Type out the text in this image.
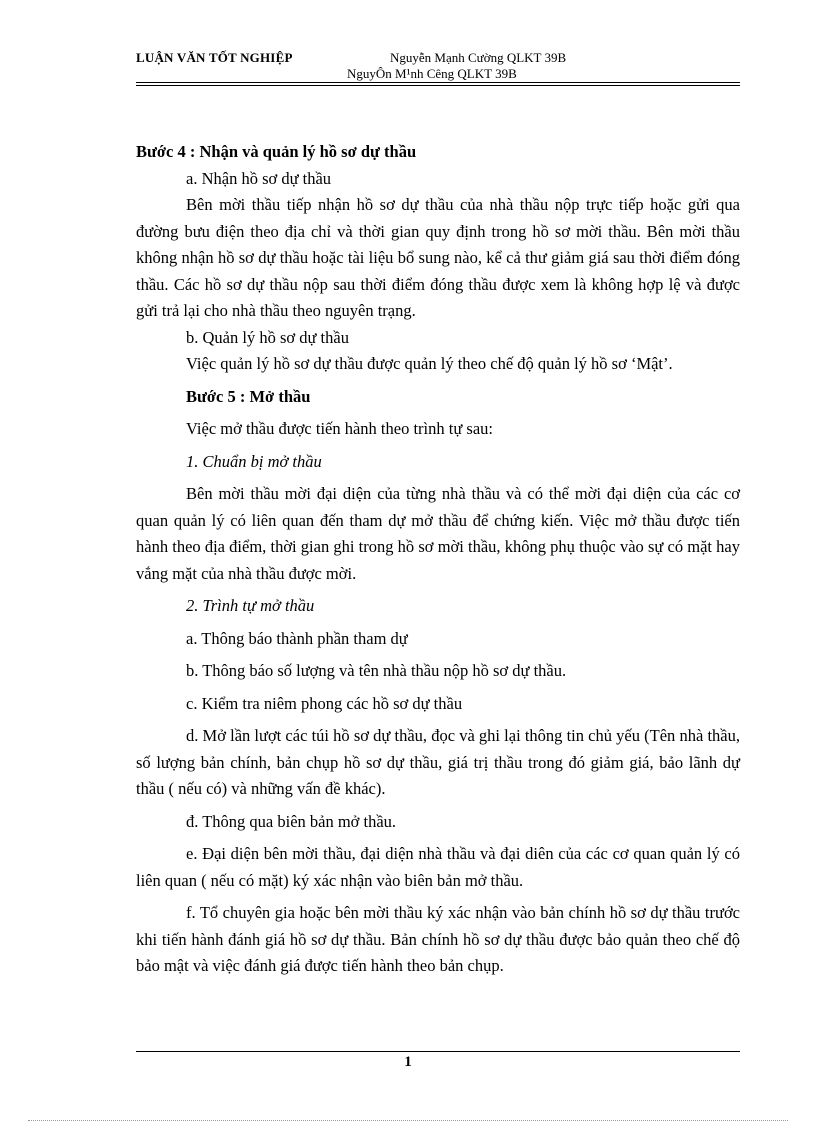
LUẬN VĂN TỐT NGHIỆP	Nguyễn Mạnh Cường QLKT 39B
NguyÔn M¹nh Cêng QLKT 39B

Bước 4 : Nhận và quản lý hồ sơ dự thầu

a. Nhận hồ sơ dự thầu

Bên mời thầu tiếp nhận hồ sơ dự thầu của nhà thầu nộp trực tiếp hoặc gửi qua đường bưu điện theo địa chỉ và thời gian quy định trong hồ sơ mời thầu. Bên mời thầu không nhận hồ sơ dự thầu hoặc tài liệu bổ sung nào, kể cả thư giảm giá sau thời điểm đóng thầu. Các hồ sơ dự thầu nộp sau thời điểm đóng thầu được xem là không hợp lệ và được gửi trả lại cho nhà thầu theo nguyên trạng.

b. Quản lý hồ sơ dự thầu

Việc quản lý hồ sơ dự thầu được quản lý theo chế độ quản lý hồ sơ ‘Mật’.

Bước 5 : Mở thầu

Việc mở thầu được tiến hành theo trình tự sau:

1. Chuẩn bị mở thầu

Bên mời thầu mời đại diện của từng nhà thầu và có thể mời đại diện của các cơ quan quản lý có liên quan đến tham dự mở thầu để chứng kiến. Việc mở thầu được tiến hành theo địa điểm, thời gian ghi trong hồ sơ mời thầu, không phụ thuộc vào sự có mặt hay vắng mặt của nhà thầu được mời.

2. Trình tự mở thầu

a. Thông báo thành phần tham dự

b. Thông báo số lượng và tên nhà thầu nộp hồ sơ dự thầu.

c. Kiểm tra niêm phong các hồ sơ dự thầu

d. Mở lần lượt các túi hồ sơ dự thầu, đọc và ghi lại thông tin chủ yếu (Tên nhà thầu, số lượng bản chính, bản chụp hồ sơ dự thầu, giá trị thầu trong đó giảm giá, bảo lãnh dự thầu ( nếu có) và những vấn đề khác).

đ. Thông qua biên bản mở thầu.

e. Đại diện bên mời thầu, đại diện nhà thầu và đại diên của các cơ quan quản lý có liên quan ( nếu có mặt) ký xác nhận vào biên bản mở thầu.

f. Tổ chuyên gia hoặc bên mời thầu ký xác nhận vào bản chính hồ sơ dự thầu trước khi tiến hành đánh giá hồ sơ dự thầu. Bản chính hồ sơ dự thầu được bảo quản theo chế độ bảo mật và việc đánh giá được tiến hành theo bản chụp.

1
